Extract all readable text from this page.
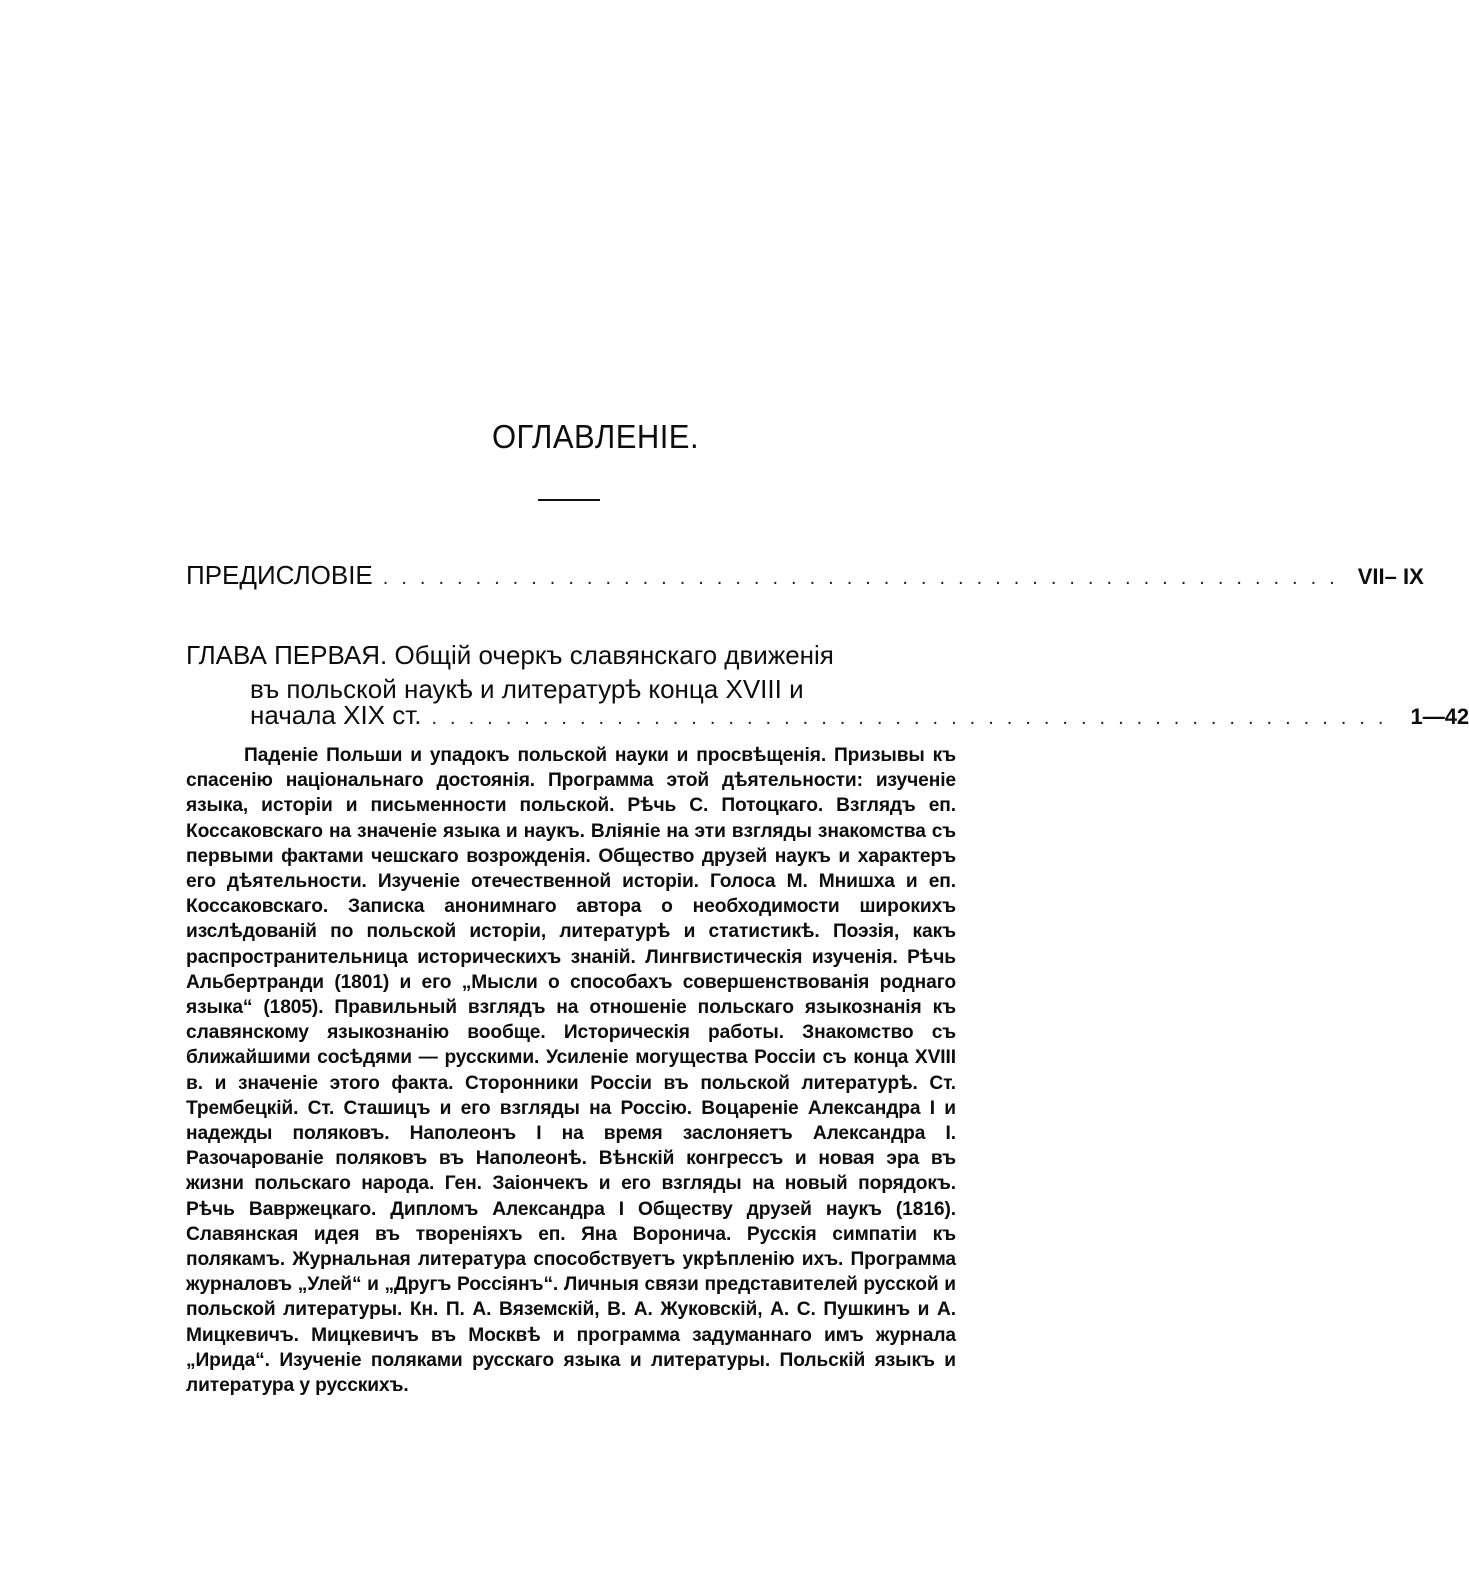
ОГЛАВЛЕНІЕ.
ПРЕДИСЛОВІЕ .................................................... VII– IX
ГЛАВА ПЕРВАЯ. Общій очеркъ славянскаго движенія
въ польской наукѣ и литературѣ конца XVIII и
начала XIX ст. .................................................... 1—42
Паденіе Польши и упадокъ польской науки и просвѣщенія. Призывы къ спасенію національнаго достоянія. Программа этой дѣятельности: изученіе языка, исторіи и письменности польской. Рѣчь С. Потоцкаго. Взглядъ еп. Коссаковскаго на значеніе языка и наукъ. Вліяніе на эти взгляды знакомства съ первыми фактами чешскаго возрожденія. Общество друзей наукъ и характеръ его дѣятельности. Изученіе отечественной исторіи. Голоса М. Мнишха и еп. Коссаковскаго. Записка анонимнаго автора о необходимости широкихъ изслѣдованій по польской исторіи, литературѣ и статистикѣ. Поэзія, какъ распространительница историческихъ знаній. Лингвистическія изученія. Рѣчь Альбертранди (1801) и его „Мысли о способахъ совершенствованія роднаго языка“ (1805). Правильный взглядъ на отношеніе польскаго языкознанія къ славянскому языкознанію вообще. Историческія работы. Знакомство съ ближайшими сосѣдями — русскими. Усиленіе могущества Россіи съ конца XVIII в. и значеніе этого факта. Сторонники Россіи въ польской литературѣ. Ст. Трембецкій. Ст. Сташицъ и его взгляды на Россію. Воцареніе Александра I и надежды поляковъ. Наполеонъ I на время заслоняетъ Александра I. Разочарованіе поляковъ въ Наполеонѣ. Вѣнскій конгрессъ и новая эра въ жизни польскаго народа. Ген. Заіончекъ и его взгляды на новый порядокъ. Рѣчь Вавржецкаго. Дипломъ Александра I Обществу друзей наукъ (1816). Славянская идея въ твореніяхъ еп. Яна Воронича. Русскія симпатіи къ полякамъ. Журнальная литература способствуетъ укрѣпленію ихъ. Программа журналовъ „Улей“ и „Другъ Россіянъ“. Личныя связи представителей русской и польской литературы. Кн. П. А. Вяземскій, В. А. Жуковскій, А. С. Пушкинъ и А. Мицкевичъ. Мицкевичъ въ Москвѣ и программа задуманнаго имъ журнала „Ирида“. Изученіе поляками русскаго языка и литературы. Польскій языкъ и литература у русскихъ.
